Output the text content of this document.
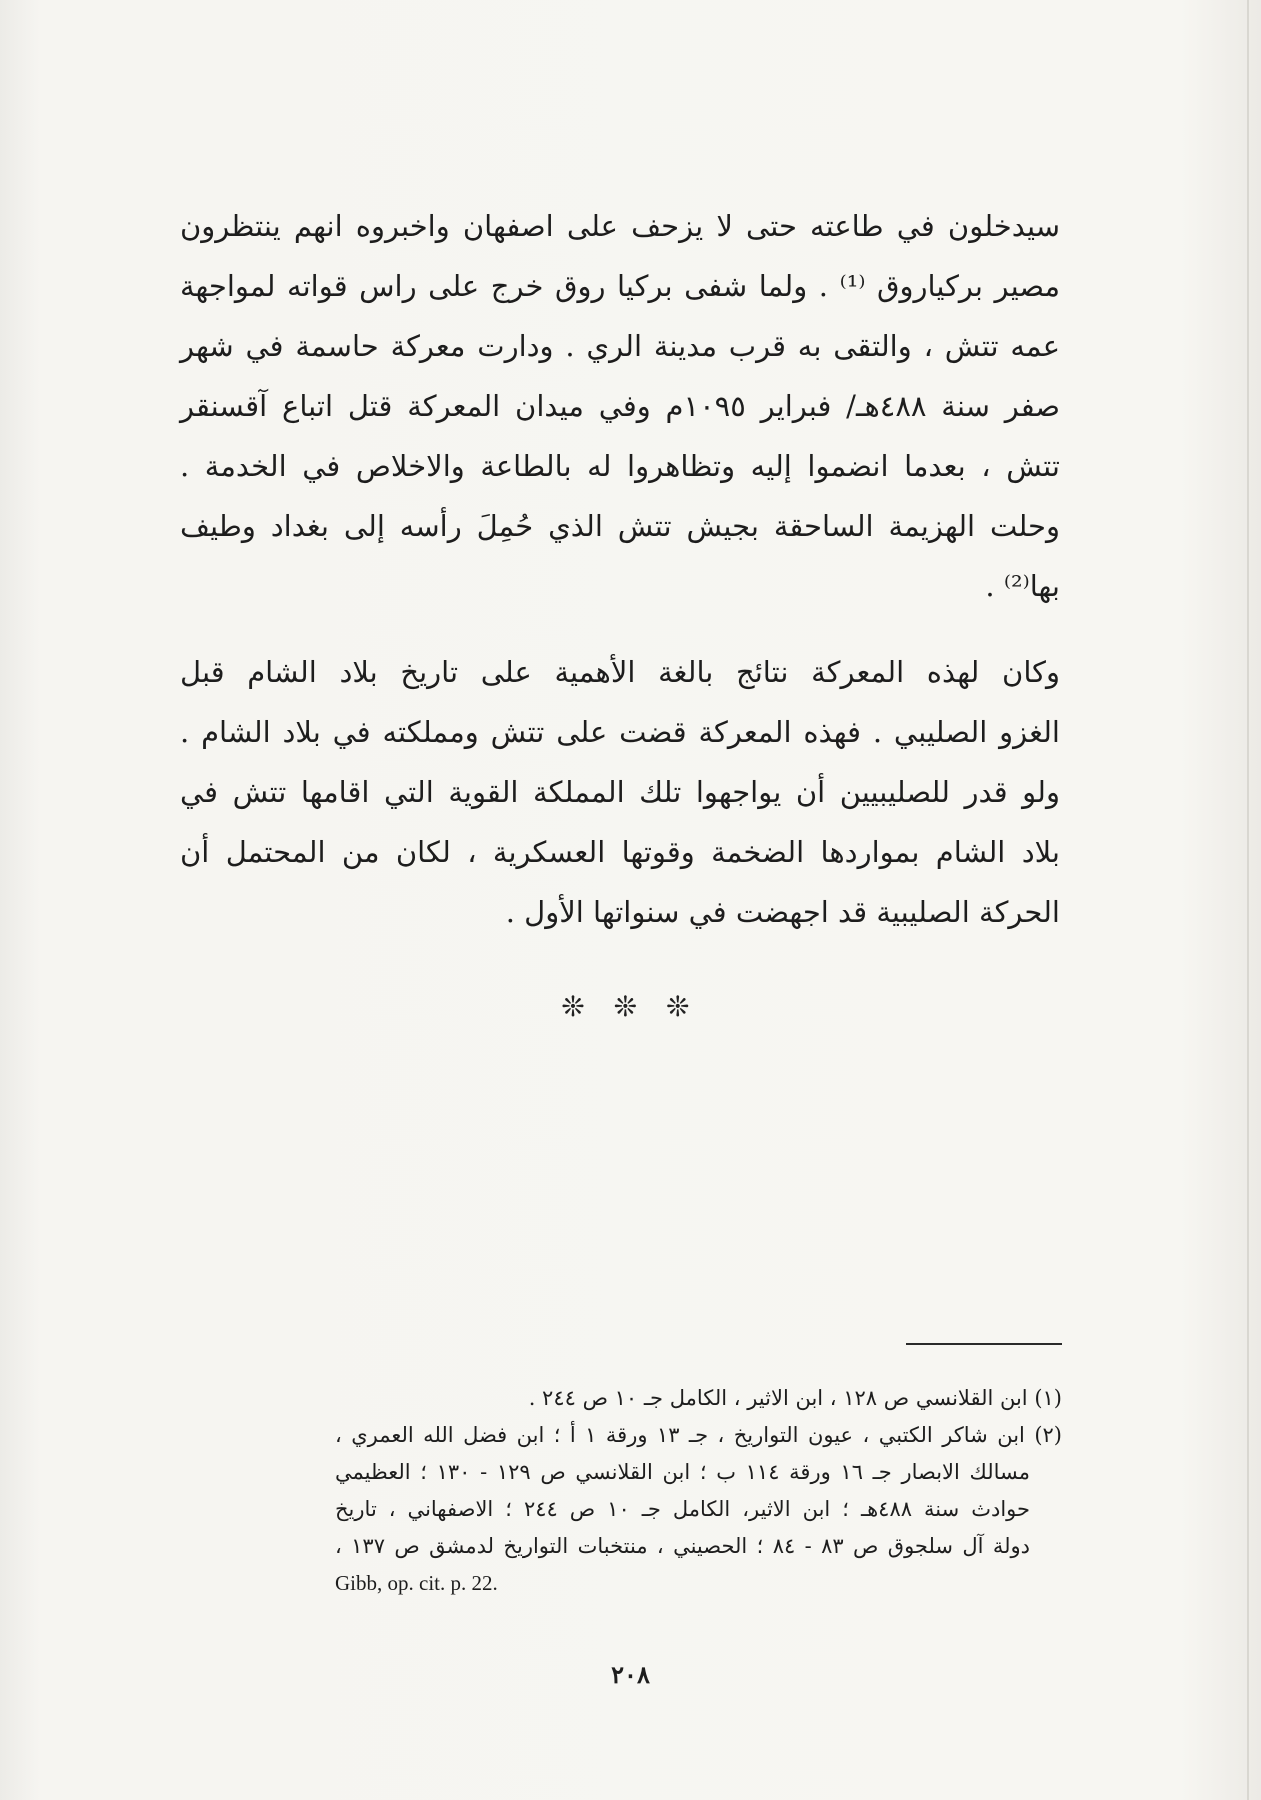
سيدخلون في طاعته حتى لا يزحف على اصفهان واخبروه انهم ينتظرون
مصير بركياروق ⁽¹⁾ . ولما شفى بركيا روق خرج على راس قواته لمواجهة
عمه تتش ، والتقى به قرب مدينة الري . ودارت معركة حاسمة في شهر
صفر سنة ٤٨٨هـ/ فبراير ١٠٩٥م وفي ميدان المعركة قتل اتباع آقسنقر
تتش ، بعدما انضموا إليه وتظاهروا له بالطاعة والاخلاص في الخدمة .
وحلت الهزيمة الساحقة بجيش تتش الذي حُمِلَ رأسه إلى بغداد وطيف
بها⁽²⁾ .
وكان لهذه المعركة نتائج بالغة الأهمية على تاريخ بلاد الشام قبل
الغزو الصليبي . فهذه المعركة قضت على تتش ومملكته في بلاد الشام .
ولو قدر للصليبيين أن يواجهوا تلك المملكة القوية التي اقامها تتش في
بلاد الشام بمواردها الضخمة وقوتها العسكرية ، لكان من المحتمل أن
الحركة الصليبية قد اجهضت في سنواتها الأول .
❊ ❊ ❊
(١) ابن القلانسي ص ١٢٨ ، ابن الاثير ، الكامل جـ ١٠ ص ٢٤٤ .
(٢) ابن شاكر الكتبي ، عيون التواريخ ، جـ ١٣ ورقة ١ أ ؛ ابن فضل الله العمري ،
مسالك الابصار جـ ١٦ ورقة ١١٤ ب ؛ ابن القلانسي ص ١٢٩ - ١٣٠ ؛ العظيمي
حوادث سنة ٤٨٨هـ ؛ ابن الاثير، الكامل جـ ١٠ ص ٢٤٤ ؛ الاصفهاني ، تاريخ
دولة آل سلجوق ص ٨٣ - ٨٤ ؛ الحصيني ، منتخبات التواريخ لدمشق ص ١٣٧ ،
Gibb, op. cit. p. 22.
٢٠٨
